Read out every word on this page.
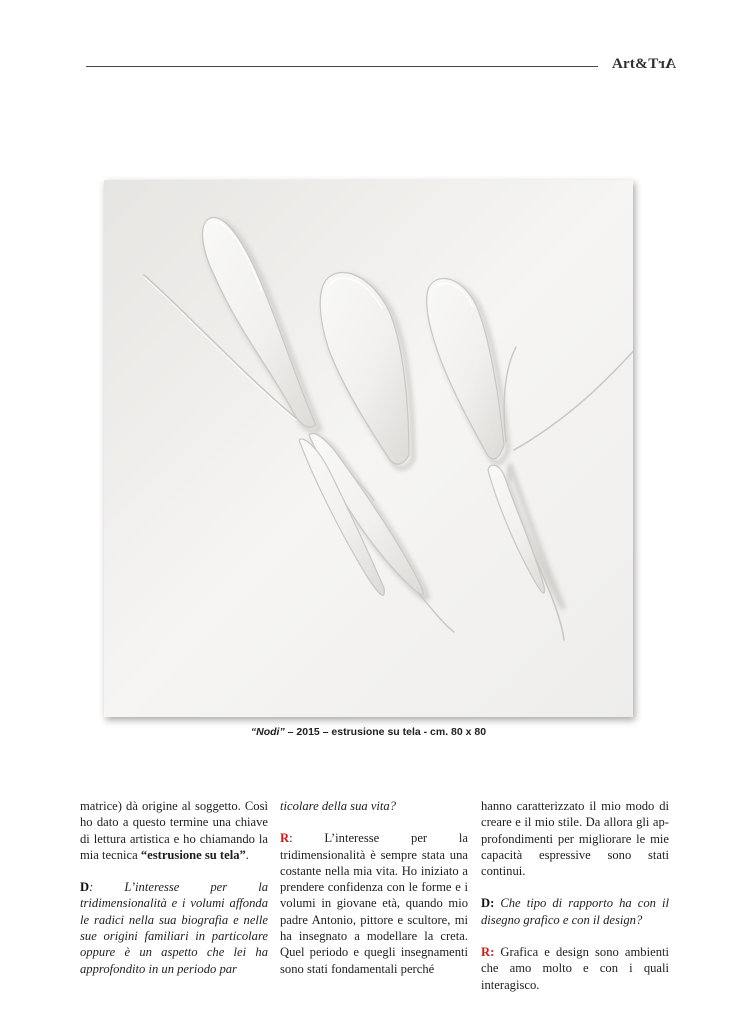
Art&ArT
“Nodi” – 2015 – estrusione su tela - cm. 80 x 80

matrice) dà origine al soggetto. Così ho dato a questo termine una chiave di lettura artistica e ho chiamando la mia tecnica “estrusione su tela”.

D: L’interesse per la tridimensionalità e i volumi affonda le radici nella sua biografia e nelle sue origini familiari in particolare oppure è un aspetto che lei ha approfondito in un periodo par

ticolare della sua vita?

R: L’interesse per la tridimensionalità è sempre stata una costante nella mia vita. Ho iniziato a prendere confidenza con le forme e i volumi in giovane età, quando mio padre Antonio, pittore e scultore, mi ha insegnato a modellare la creta. Quel periodo e quegli insegnamenti sono stati fondamentali perché

hanno caratterizzato il mio modo di creare e il mio stile. Da allora gli approfondimenti per migliorare le mie capacità espressive sono stati continui.

D: Che tipo di rapporto ha con il disegno grafico e con il design?

R: Grafica e design sono ambienti che amo molto e con i quali interagisco.
